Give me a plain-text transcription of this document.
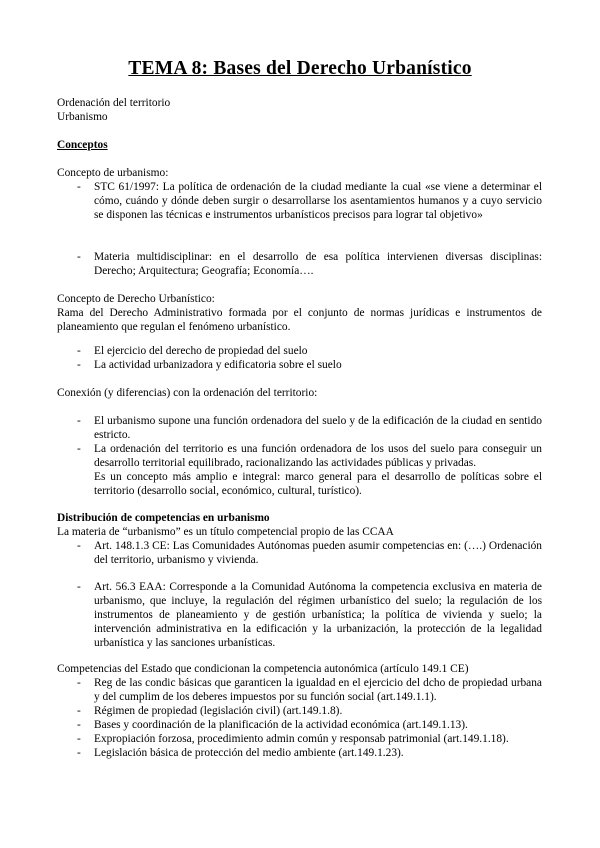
TEMA 8: Bases del Derecho Urbanístico
Ordenación del territorio
Urbanismo
Conceptos
Concepto de urbanismo:
- STC 61/1997: La política de ordenación de la ciudad mediante la cual «se viene a determinar el cómo, cuándo y dónde deben surgir o desarrollarse los asentamientos humanos y a cuyo servicio se disponen las técnicas e instrumentos urbanísticos precisos para lograr tal objetivo»
- Materia multidisciplinar: en el desarrollo de esa política intervienen diversas disciplinas: Derecho; Arquitectura; Geografía; Economía….
Concepto de Derecho Urbanístico:
Rama del Derecho Administrativo formada por el conjunto de normas jurídicas e instrumentos de planeamiento que regulan el fenómeno urbanístico.
- El ejercicio del derecho de propiedad del suelo
- La actividad urbanizadora y edificatoria sobre el suelo
Conexión (y diferencias) con la ordenación del territorio:
- El urbanismo supone una función ordenadora del suelo y de la edificación de la ciudad en sentido estricto.
- La ordenación del territorio es una función ordenadora de los usos del suelo para conseguir un desarrollo territorial equilibrado, racionalizando las actividades públicas y privadas.
Es un concepto más amplio e integral: marco general para el desarrollo de políticas sobre el territorio (desarrollo social, económico, cultural, turístico).
Distribución de competencias en urbanismo
La materia de “urbanismo” es un título competencial propio de las CCAA
- Art. 148.1.3 CE: Las Comunidades Autónomas pueden asumir competencias en: (….) Ordenación del territorio, urbanismo y vivienda.
- Art. 56.3 EAA: Corresponde a la Comunidad Autónoma la competencia exclusiva en materia de urbanismo, que incluye, la regulación del régimen urbanístico del suelo; la regulación de los instrumentos de planeamiento y de gestión urbanística; la política de vivienda y suelo; la intervención administrativa en la edificación y la urbanización, la protección de la legalidad urbanística y las sanciones urbanísticas.
Competencias del Estado que condicionan la competencia autonómica (artículo 149.1 CE)
- Reg de las condic básicas que garanticen la igualdad en el ejercicio del dcho de propiedad urbana y del cumplim de los deberes impuestos por su función social (art.149.1.1).
- Régimen de propiedad (legislación civil) (art.149.1.8).
- Bases y coordinación de la planificación de la actividad económica (art.149.1.13).
- Expropiación forzosa, procedimiento admin común y responsab patrimonial (art.149.1.18).
- Legislación básica de protección del medio ambiente (art.149.1.23).
